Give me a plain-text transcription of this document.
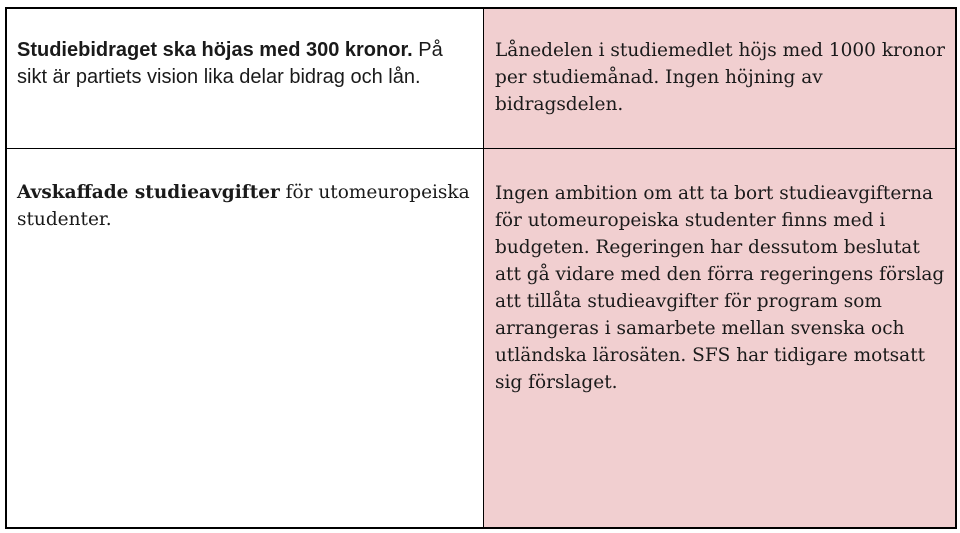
Studiebidraget ska höjas med 300 kronor. På sikt är partiets vision lika delar bidrag och lån.

Lånedelen i studiemedlet höjs med 1000 kronor per studiemånad. Ingen höjning av bidragsdelen.

Avskaffade studieavgifter för utomeuropeiska studenter.

Ingen ambition om att ta bort studieavgifterna för utomeuropeiska studenter finns med i budgeten. Regeringen har dessutom beslutat att gå vidare med den förra regeringens förslag att tillåta studieavgifter för program som arrangeras i samarbete mellan svenska och utländska lärosäten. SFS har tidigare motsatt sig förslaget.
